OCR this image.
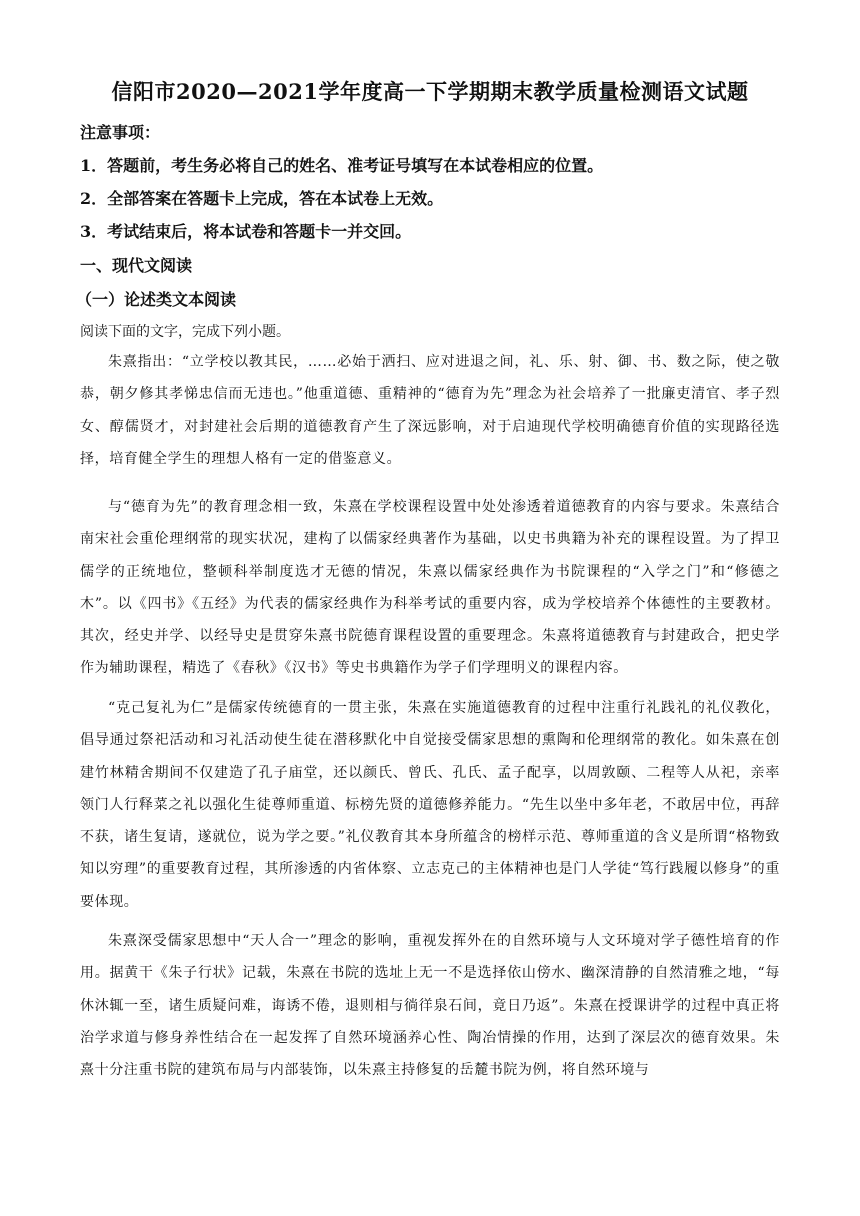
信阳市2020—2021学年度高一下学期期末教学质量检测语文试题
注意事项：
1．答题前，考生务必将自己的姓名、准考证号填写在本试卷相应的位置。
2．全部答案在答题卡上完成，答在本试卷上无效。
3．考试结束后，将本试卷和答题卡一并交回。
一、现代文阅读
（一）论述类文本阅读
阅读下面的文字，完成下列小题。
朱熹指出：“立学校以教其民，……必始于洒扫、应对进退之间，礼、乐、射、御、书、数之际，使之敬恭，朝夕修其孝悌忠信而无违也。”他重道德、重精神的“德育为先”理念为社会培养了一批廉吏清官、孝子烈女、醇儒贤才，对封建社会后期的道德教育产生了深远影响，对于启迪现代学校明确德育价值的实现路径选择，培育健全学生的理想人格有一定的借鉴意义。
与“德育为先”的教育理念相一致，朱熹在学校课程设置中处处渗透着道德教育的内容与要求。朱熹结合南宋社会重伦理纲常的现实状况，建构了以儒家经典著作为基础，以史书典籍为补充的课程设置。为了捍卫儒学的正统地位，整顿科举制度选才无德的情况，朱熹以儒家经典作为书院课程的“入学之门”和“修德之木”。以《四书》《五经》为代表的儒家经典作为科举考试的重要内容，成为学校培养个体德性的主要教材。其次，经史并学、以经导史是贯穿朱熹书院德育课程设置的重要理念。朱熹将道德教育与封建政合，把史学作为辅助课程，精选了《春秋》《汉书》等史书典籍作为学子们学理明义的课程内容。
“克己复礼为仁”是儒家传统德育的一贯主张，朱熹在实施道德教育的过程中注重行礼践礼的礼仪教化，倡导通过祭祀活动和习礼活动使生徒在潜移默化中自觉接受儒家思想的熏陶和伦理纲常的教化。如朱熹在创建竹林精舍期间不仅建造了孔子庙堂，还以颜氏、曾氏、孔氏、孟子配享，以周敦颐、二程等人从祀，亲率领门人行释菜之礼以强化生徒尊师重道、标榜先贤的道德修养能力。“先生以坐中多年老，不敢居中位，再辞不获，诸生复请，遂就位，说为学之要。”礼仪教育其本身所蕴含的榜样示范、尊师重道的含义是所谓“格物致知以穷理”的重要教育过程，其所渗透的内省体察、立志克己的主体精神也是门人学徒“笃行践履以修身”的重要体现。
朱熹深受儒家思想中“天人合一”理念的影响，重视发挥外在的自然环境与人文环境对学子德性培育的作用。据黄干《朱子行状》记载，朱熹在书院的选址上无一不是选择依山傍水、幽深清静的自然清雅之地，“每休沐辄一至，诸生质疑问难，诲诱不倦，退则相与徜徉泉石间，竟日乃返”。朱熹在授课讲学的过程中真正将治学求道与修身养性结合在一起发挥了自然环境涵养心性、陶冶情操的作用，达到了深层次的德育效果。朱熹十分注重书院的建筑布局与内部装饰，以朱熹主持修复的岳麓书院为例，将自然环境与
